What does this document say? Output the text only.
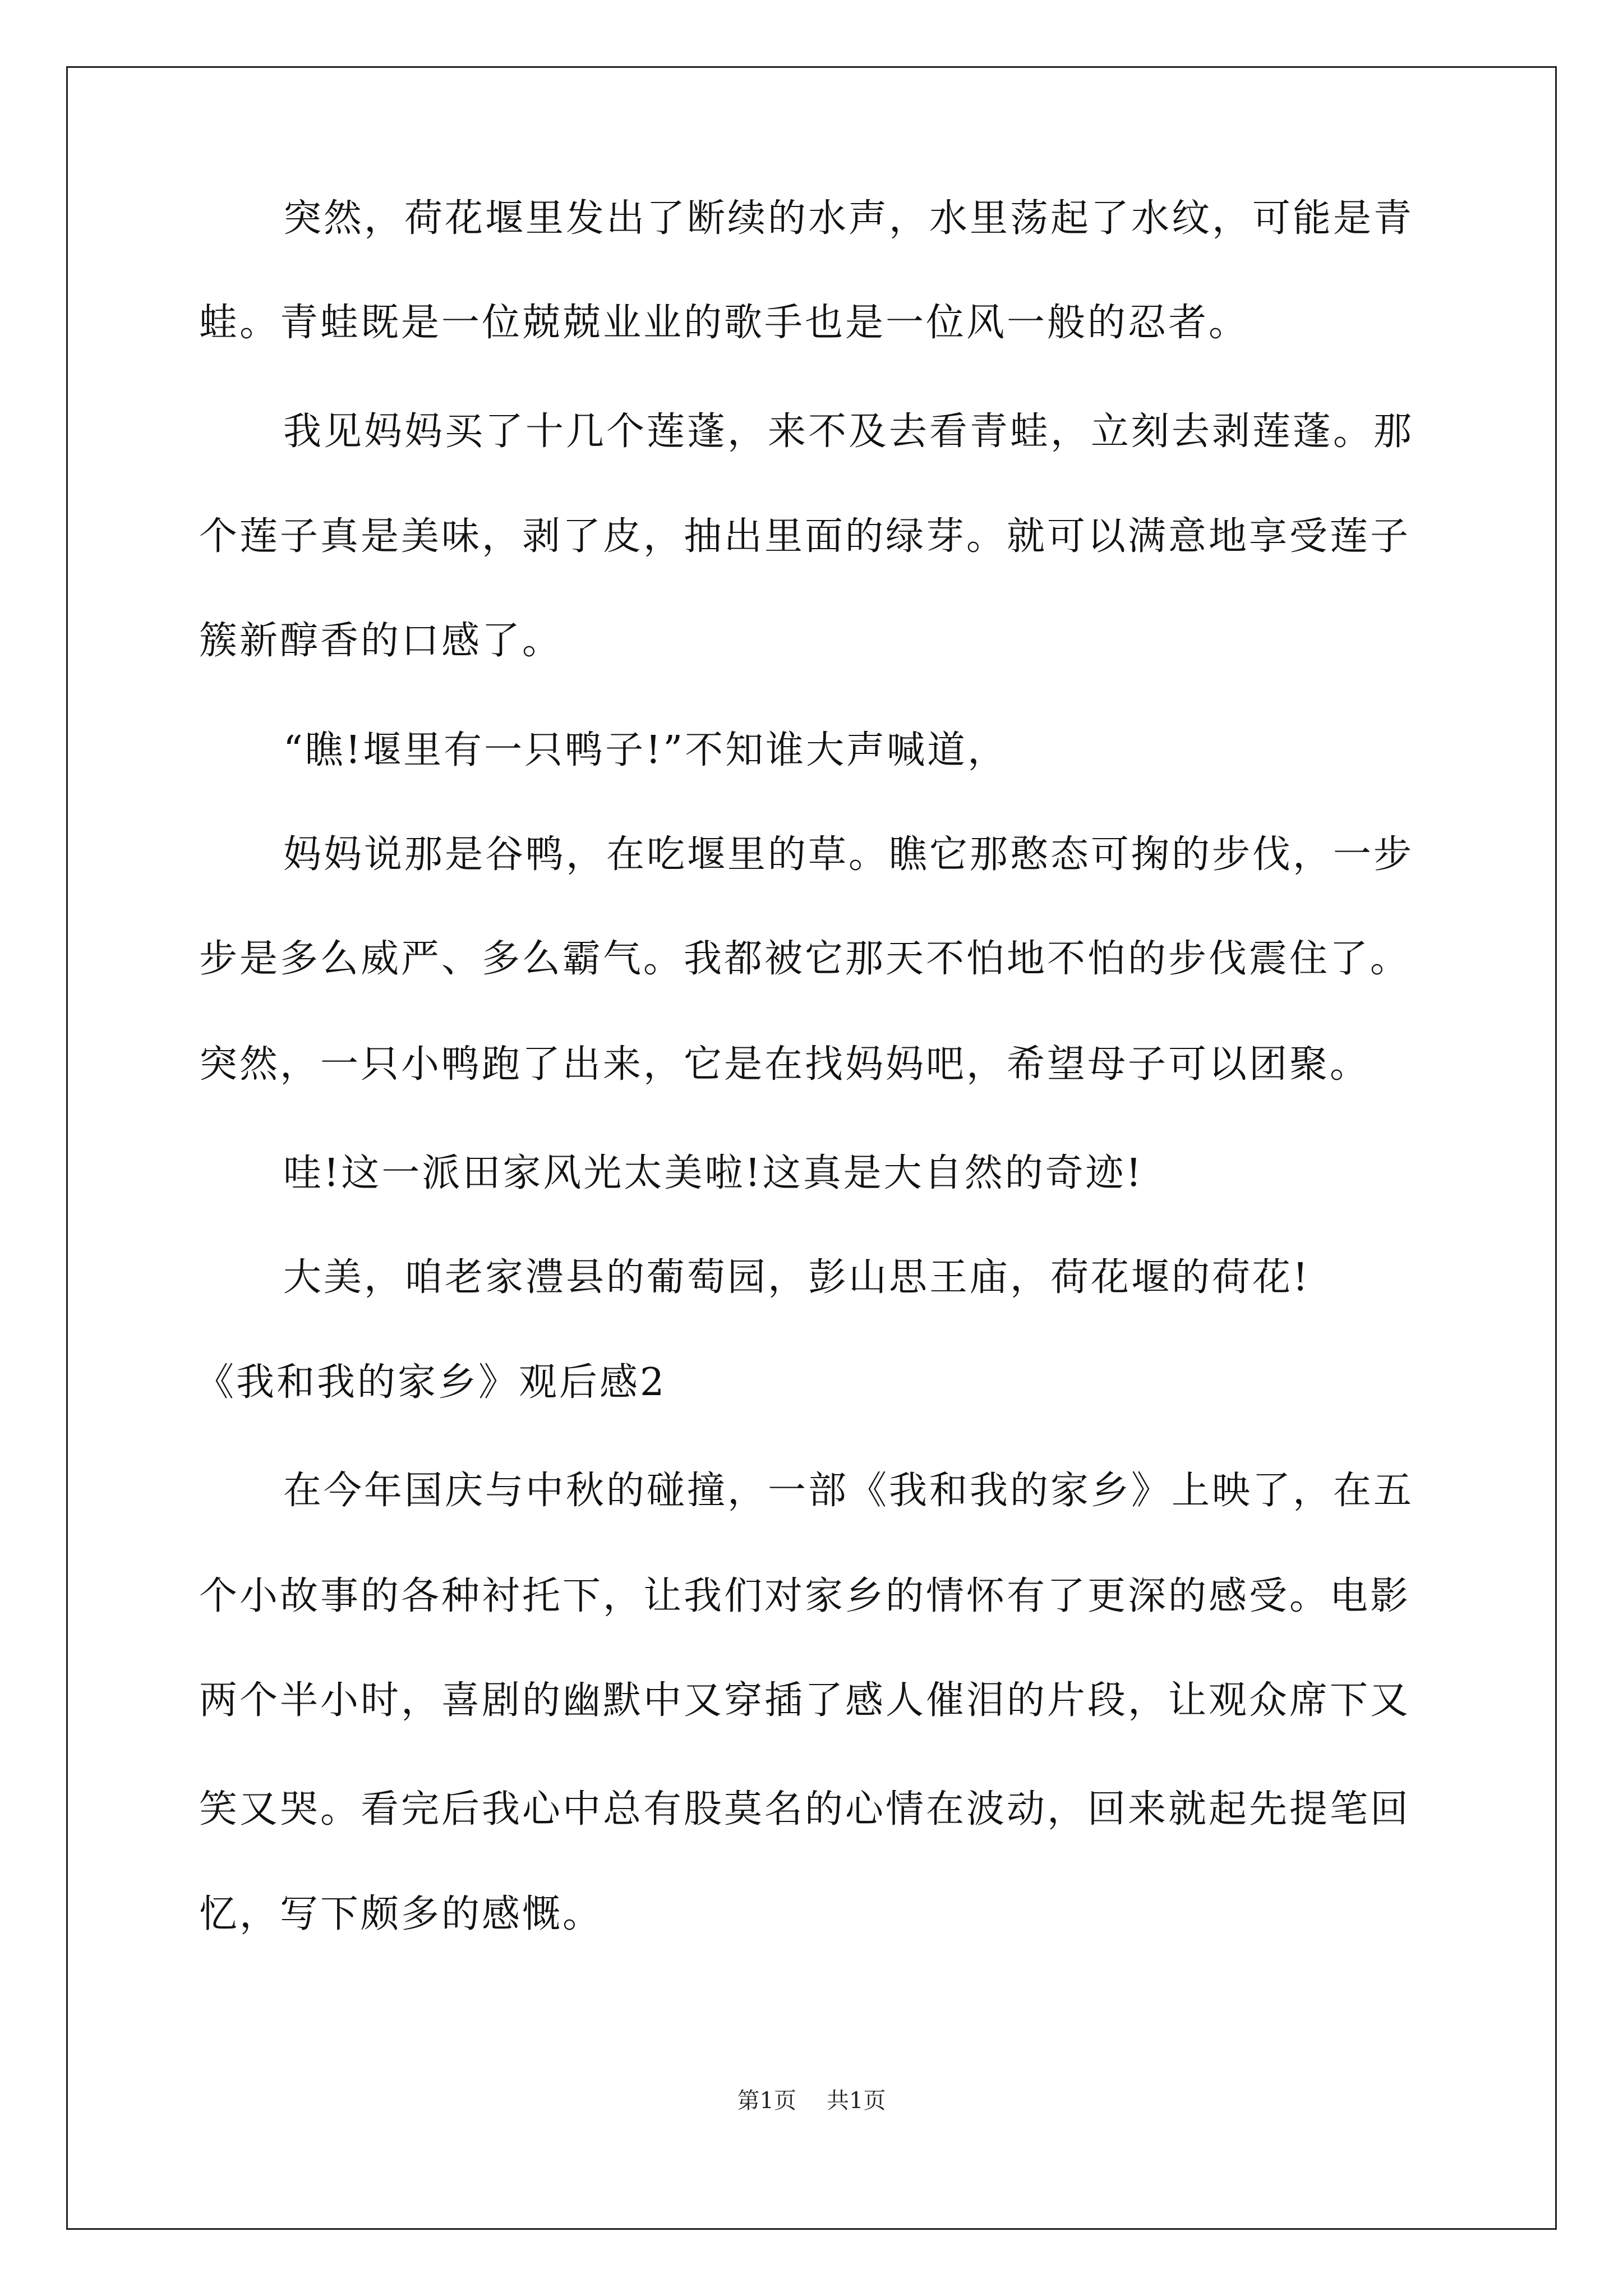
突然，荷花堰里发出了断续的水声，水里荡起了水纹，可能是青
蛙。青蛙既是一位兢兢业业的歌手也是一位风一般的忍者。
我见妈妈买了十几个莲蓬，来不及去看青蛙，立刻去剥莲蓬。那
个莲子真是美味，剥了皮，抽出里面的绿芽。就可以满意地享受莲子
簇新醇香的口感了。
“瞧!堰里有一只鸭子!”不知谁大声喊道，
妈妈说那是谷鸭，在吃堰里的草。瞧它那憨态可掬的步伐，一步
步是多么威严、多么霸气。我都被它那天不怕地不怕的步伐震住了。
突然，一只小鸭跑了出来，它是在找妈妈吧，希望母子可以团聚。
哇!这一派田家风光太美啦!这真是大自然的奇迹!
大美，咱老家澧县的葡萄园，彭山思王庙，荷花堰的荷花!
《我和我的家乡》观后感2
在今年国庆与中秋的碰撞，一部《我和我的家乡》上映了，在五
个小故事的各种衬托下，让我们对家乡的情怀有了更深的感受。电影
两个半小时，喜剧的幽默中又穿插了感人催泪的片段，让观众席下又
笑又哭。看完后我心中总有股莫名的心情在波动，回来就起先提笔回
忆，写下颇多的感慨。
第1页 共1页
